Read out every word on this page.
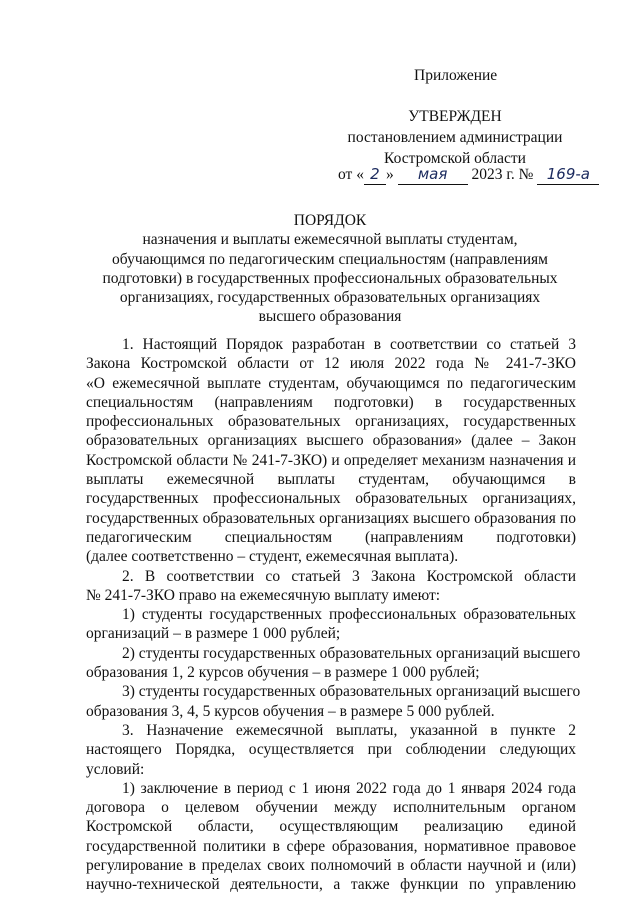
Приложение
УТВЕРЖДЕН
постановлением администрации
Костромской области
от « 2 » мая 2023 г. № 169-а
ПОРЯДОК
назначения и выплаты ежемесячной выплаты студентам,
обучающимся по педагогическим специальностям (направлениям
подготовки) в государственных профессиональных образовательных
организациях, государственных образовательных организациях
высшего образования
1. Настоящий Порядок разработан в соответствии со статьей 3
Закона Костромской области от 12 июля 2022 года № 241-7-ЗКО
«О ежемесячной выплате студентам, обучающимся по педагогическим
специальностям (направлениям подготовки) в государственных
профессиональных образовательных организациях, государственных
образовательных организациях высшего образования» (далее – Закон
Костромской области № 241-7-ЗКО) и определяет механизм назначения и
выплаты ежемесячной выплаты студентам, обучающимся в
государственных профессиональных образовательных организациях,
государственных образовательных организациях высшего образования по
педагогическим специальностям (направлениям подготовки)
(далее соответственно – студент, ежемесячная выплата).
2. В соответствии со статьей 3 Закона Костромской области
№ 241-7-ЗКО право на ежемесячную выплату имеют:
1) студенты государственных профессиональных образовательных
организаций – в размере 1 000 рублей;
2) студенты государственных образовательных организаций высшего
образования 1, 2 курсов обучения – в размере 1 000 рублей;
3) студенты государственных образовательных организаций высшего
образования 3, 4, 5 курсов обучения – в размере 5 000 рублей.
3. Назначение ежемесячной выплаты, указанной в пункте 2
настоящего Порядка, осуществляется при соблюдении следующих
условий:
1) заключение в период с 1 июня 2022 года до 1 января 2024 года
договора о целевом обучении между исполнительным органом
Костромской области, осуществляющим реализацию единой
государственной политики в сфере образования, нормативное правовое
регулирование в пределах своих полномочий в области научной и (или)
научно-технической деятельности, а также функции по управлению
